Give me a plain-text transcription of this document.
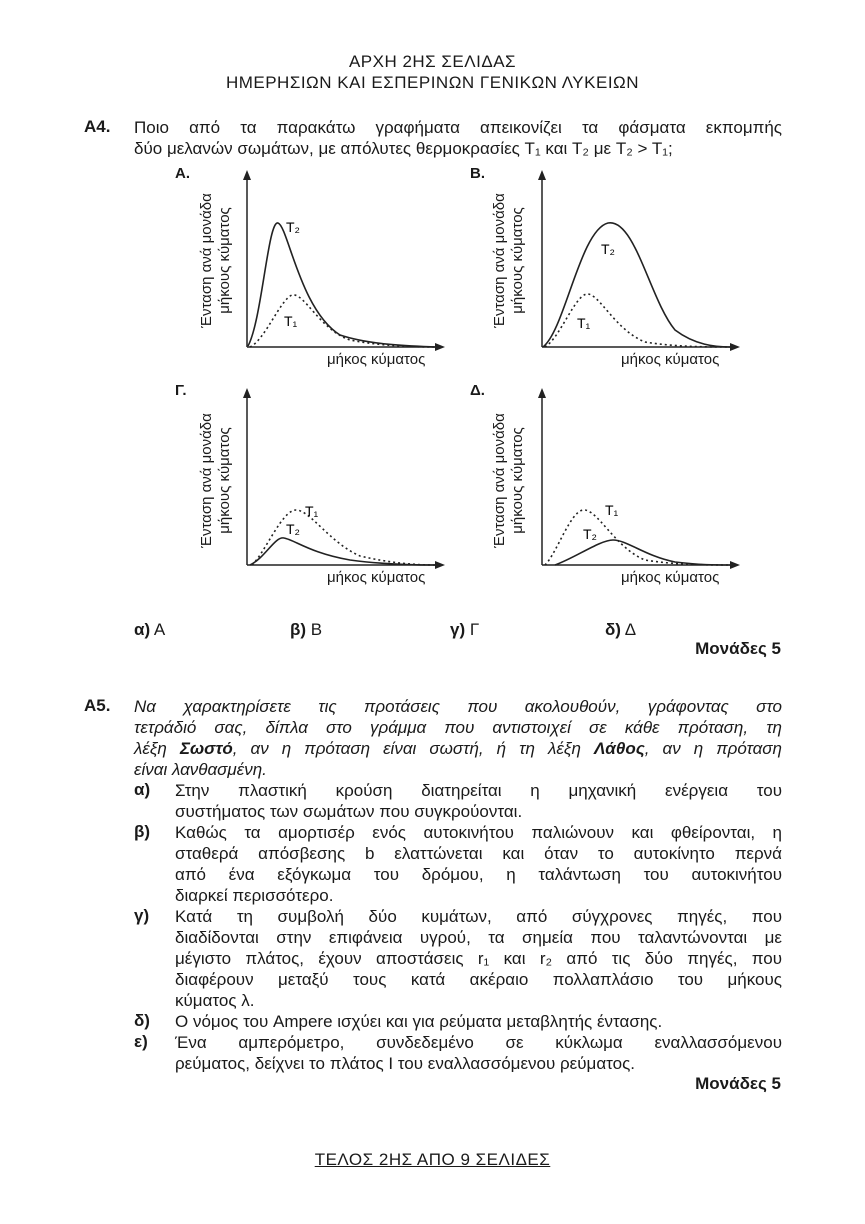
ΑΡΧΗ 2ΗΣ ΣΕΛΙΔΑΣ
ΗΜΕΡΗΣΙΩΝ ΚΑΙ ΕΣΠΕΡΙΝΩΝ ΓΕΝΙΚΩΝ ΛΥΚΕΙΩΝ
Α4. Ποιο από τα παρακάτω γραφήματα απεικονίζει τα φάσματα εκπομπής
δύο μελανών σωμάτων, με απόλυτες θερμοκρασίες T₁ και T₂ με T₂ > T₁;
Α.
Ένταση ανά μονάδα μήκους κύματος	T₂
T₁
μήκος κύματος
Β.
Ένταση ανά μονάδα μήκους κύματος	T₂
T₁
μήκος κύματος
Γ.
Ένταση ανά μονάδα μήκους κύματος	T₂
T₁
μήκος κύματος
Δ.
Ένταση ανά μονάδα μήκους κύματος
T₂
T₁
μήκος κύματος
α) Α	β) Β	γ) Γ	δ) Δ
Μονάδες 5
Α5. Να χαρακτηρίσετε τις προτάσεις που ακολουθούν, γράφοντας στο
τετράδιό σας, δίπλα στο γράμμα που αντιστοιχεί σε κάθε πρόταση, τη
λέξη Σωστό, αν η πρόταση είναι σωστή, ή τη λέξη Λάθος, αν η πρόταση
είναι λανθασμένη.
α) Στην πλαστική κρούση διατηρείται η μηχανική ενέργεια του
συστήματος των σωμάτων που συγκρούονται.
β) Καθώς τα αμορτισέρ ενός αυτοκινήτου παλιώνουν και φθείρονται, η
σταθερά απόσβεσης b ελαττώνεται και όταν το αυτοκίνητο περνά
από ένα εξόγκωμα του δρόμου, η ταλάντωση του αυτοκινήτου
διαρκεί περισσότερο.
γ) Κατά τη συμβολή δύο κυμάτων, από σύγχρονες πηγές, που
διαδίδονται στην επιφάνεια υγρού, τα σημεία που ταλαντώνονται με
μέγιστο πλάτος, έχουν αποστάσεις r₁ και r₂ από τις δύο πηγές, που
διαφέρουν μεταξύ τους κατά ακέραιο πολλαπλάσιο του μήκους
κύματος λ.
δ) Ο νόμος του Ampere ισχύει και για ρεύματα μεταβλητής έντασης.
ε) Ένα αμπερόμετρο, συνδεδεμένο σε κύκλωμα εναλλασσόμενου
ρεύματος, δείχνει το πλάτος I του εναλλασσόμενου ρεύματος.
Μονάδες 5
ΤΕΛΟΣ 2ΗΣ ΑΠΟ 9 ΣΕΛΙΔΕΣ
